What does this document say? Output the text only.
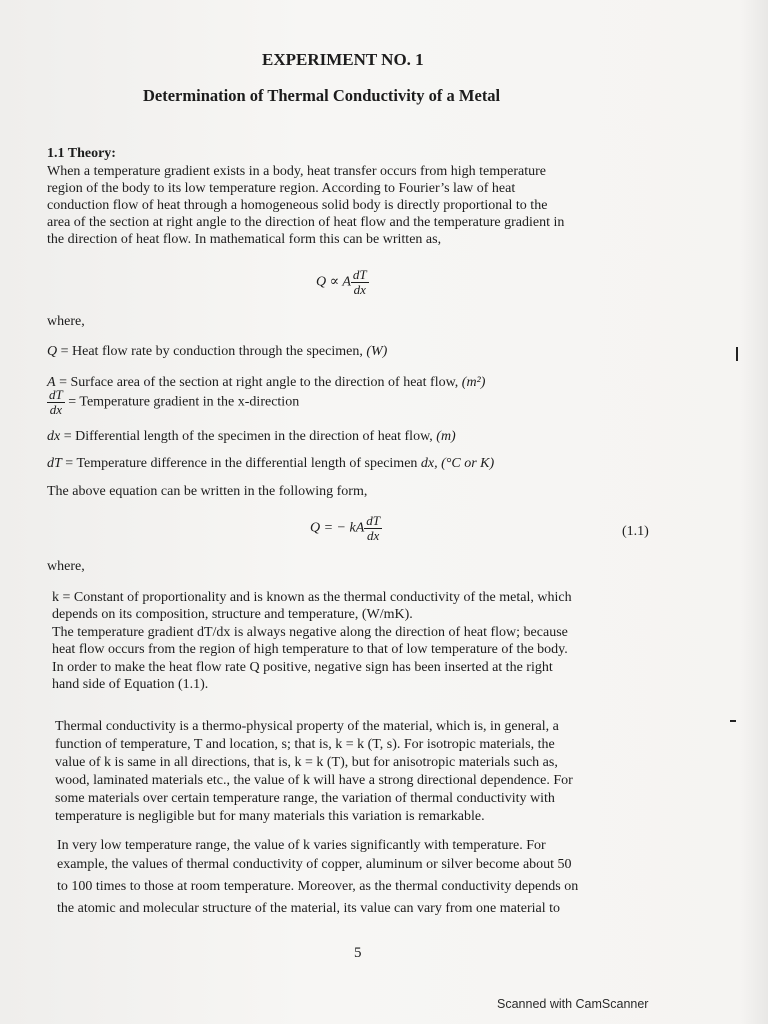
EXPERIMENT NO. 1
Determination of Thermal Conductivity of a Metal
1.1 Theory:
When a temperature gradient exists in a body, heat transfer occurs from high temperature
region of the body to its low temperature region. According to Fourier’s law of heat
conduction flow of heat through a homogeneous solid body is directly proportional to the
area of the section at right angle to the direction of heat flow and the temperature gradient in
the direction of heat flow. In mathematical form this can be written as,
Q ∝ A $\frac{dT}{dx}$
where,
Q = Heat flow rate by conduction through the specimen, (W)
A = Surface area of the section at right angle to the direction of heat flow, (m²)
$\frac{dT}{dx}$ = Temperature gradient in the x-direction
dx = Differential length of the specimen in the direction of heat flow, (m)
dT = Temperature difference in the differential length of specimen dx, (°C or K)
The above equation can be written in the following form,
Q = − kA $\frac{dT}{dx}$	(1.1)
where,
k = Constant of proportionality and is known as the thermal conductivity of the metal, which
depends on its composition, structure and temperature, (W/mK).
The temperature gradient dT/dx is always negative along the direction of heat flow; because
heat flow occurs from the region of high temperature to that of low temperature of the body.
In order to make the heat flow rate Q positive, negative sign has been inserted at the right
hand side of Equation (1.1).
Thermal conductivity is a thermo-physical property of the material, which is, in general, a
function of temperature, T and location, s; that is, k = k (T, s). For isotropic materials, the
value of k is same in all directions, that is, k = k (T), but for anisotropic materials such as,
wood, laminated materials etc., the value of k will have a strong directional dependence. For
some materials over certain temperature range, the variation of thermal conductivity with
temperature is negligible but for many materials this variation is remarkable.
In very low temperature range, the value of k varies significantly with temperature. For
example, the values of thermal conductivity of copper, aluminum or silver become about 50
to 100 times to those at room temperature. Moreover, as the thermal conductivity depends on
the atomic and molecular structure of the material, its value can vary from one material to
5
Scanned with CamScanner
